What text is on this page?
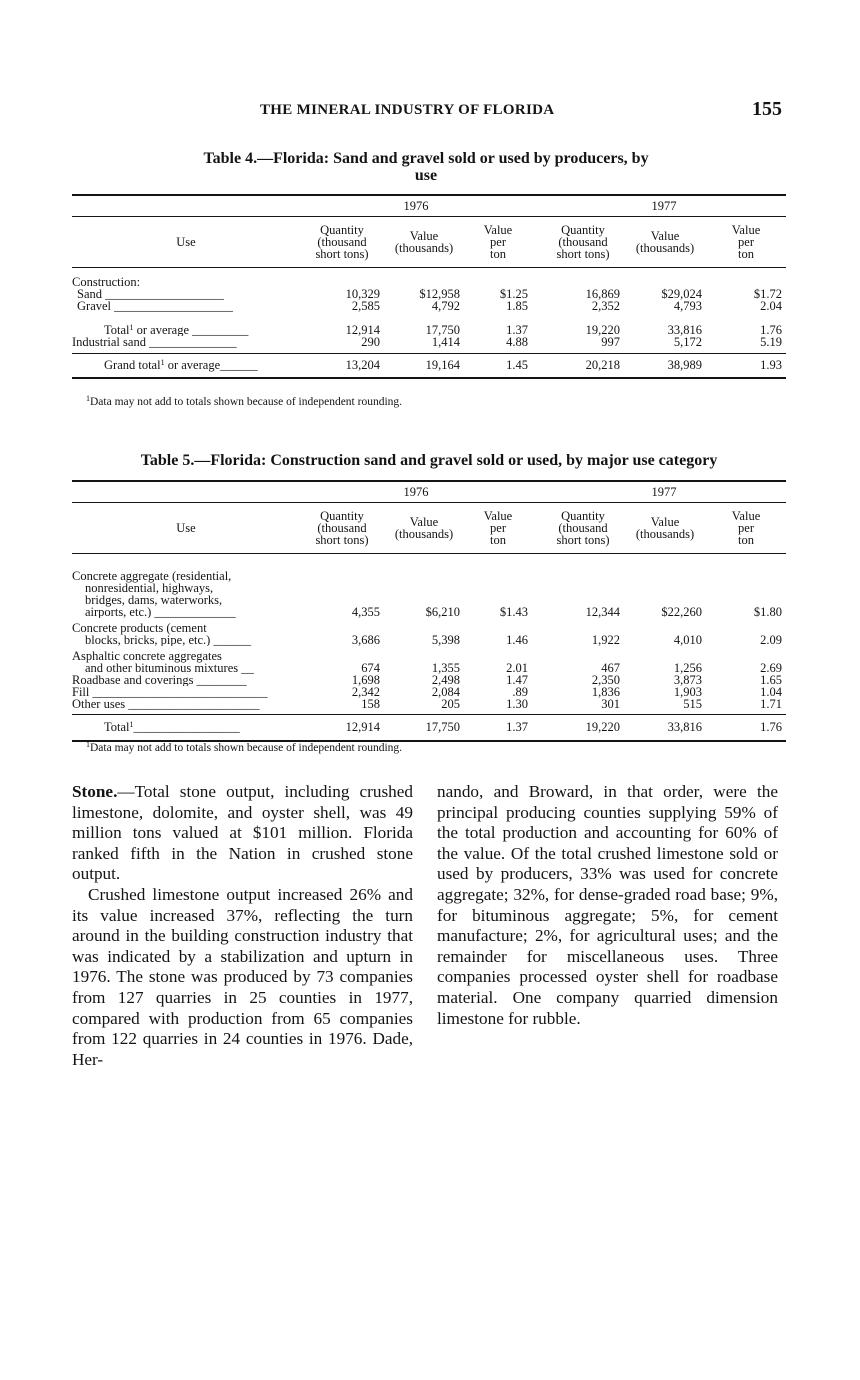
THE MINERAL INDUSTRY OF FLORIDA	155
Table 4.—Florida: Sand and gravel sold or used by producers, by use
	1976				1977		
Use	Quantity
(thousand
short tons)	Value
(thousands)	Value
per
ton		Quantity
(thousand
short tons)	Value
(thousands)	Value
per
ton
Construction:							
Sand ___________________	10,329	$12,958	$1.25		16,869	$29,024	$1.72
Gravel ___________________	2,585	4,792	1.85		2,352	4,793	2.04
Total$^1$ or average _________	12,914	17,750	1.37		19,220	33,816	1.76
Industrial sand ______________	290	1,414	4.88		997	5,172	5.19

Grand total$^1$ or average______	13,204	19,164	1.45		20,218	38,989	1.93
$^1$Data may not add to totals shown because of independent rounding.
Table 5.—Florida: Construction sand and gravel sold or used, by major use category
	1976				1977		
Use	Quantity
(thousand
short tons)	Value
(thousands)	Value
per
ton		Quantity
(thousand
short tons)	Value
(thousands)	Value
per
ton

Concrete aggregate (residential,
nonresidential, highways,
bridges, dams, waterworks,
airports, etc.) _____________	4,355	$6,210	$1.43		12,344	$22,260	$1.80
Concrete products (cement
blocks, bricks, pipe, etc.) ______	3,686	5,398	1.46		1,922	4,010	2.09
Asphaltic concrete aggregates
and other bituminous mixtures __	674	1,355	2.01		467	1,256	2.69
Roadbase and coverings ________	1,698	2,498	1.47		2,350	3,873	1.65
Fill ____________________________	2,342	2,084	.89		1,836	1,903	1.04
Other uses _____________________	158	205	1.30		301	515	1.71

Total$^1$_________________	12,914	17,750	1.37		19,220	33,816	1.76
$^1$Data may not add to totals shown because of independent rounding.

Stone.—Total stone output, including crushed limestone, dolomite, and oyster shell, was 49 million tons valued at $101 million. Florida ranked fifth in the Nation in crushed stone output.

Crushed limestone output increased 26% and its value increased 37%, reflecting the turn around in the building construction industry that was indicated by a stabilization and upturn in 1976. The stone was produced by 73 companies from 127 quarries in 25 counties in 1977, compared with production from 65 companies from 122 quarries in 24 counties in 1976. Dade, Her-

nando, and Broward, in that order, were the principal producing counties supplying 59% of the total production and accounting for 60% of the value. Of the total crushed limestone sold or used by producers, 33% was used for concrete aggregate; 32%, for dense-graded road base; 9%, for bituminous aggregate; 5%, for cement manufacture; 2%, for agricultural uses; and the remainder for miscellaneous uses. Three companies processed oyster shell for roadbase material. One company quarried dimension limestone for rubble.
